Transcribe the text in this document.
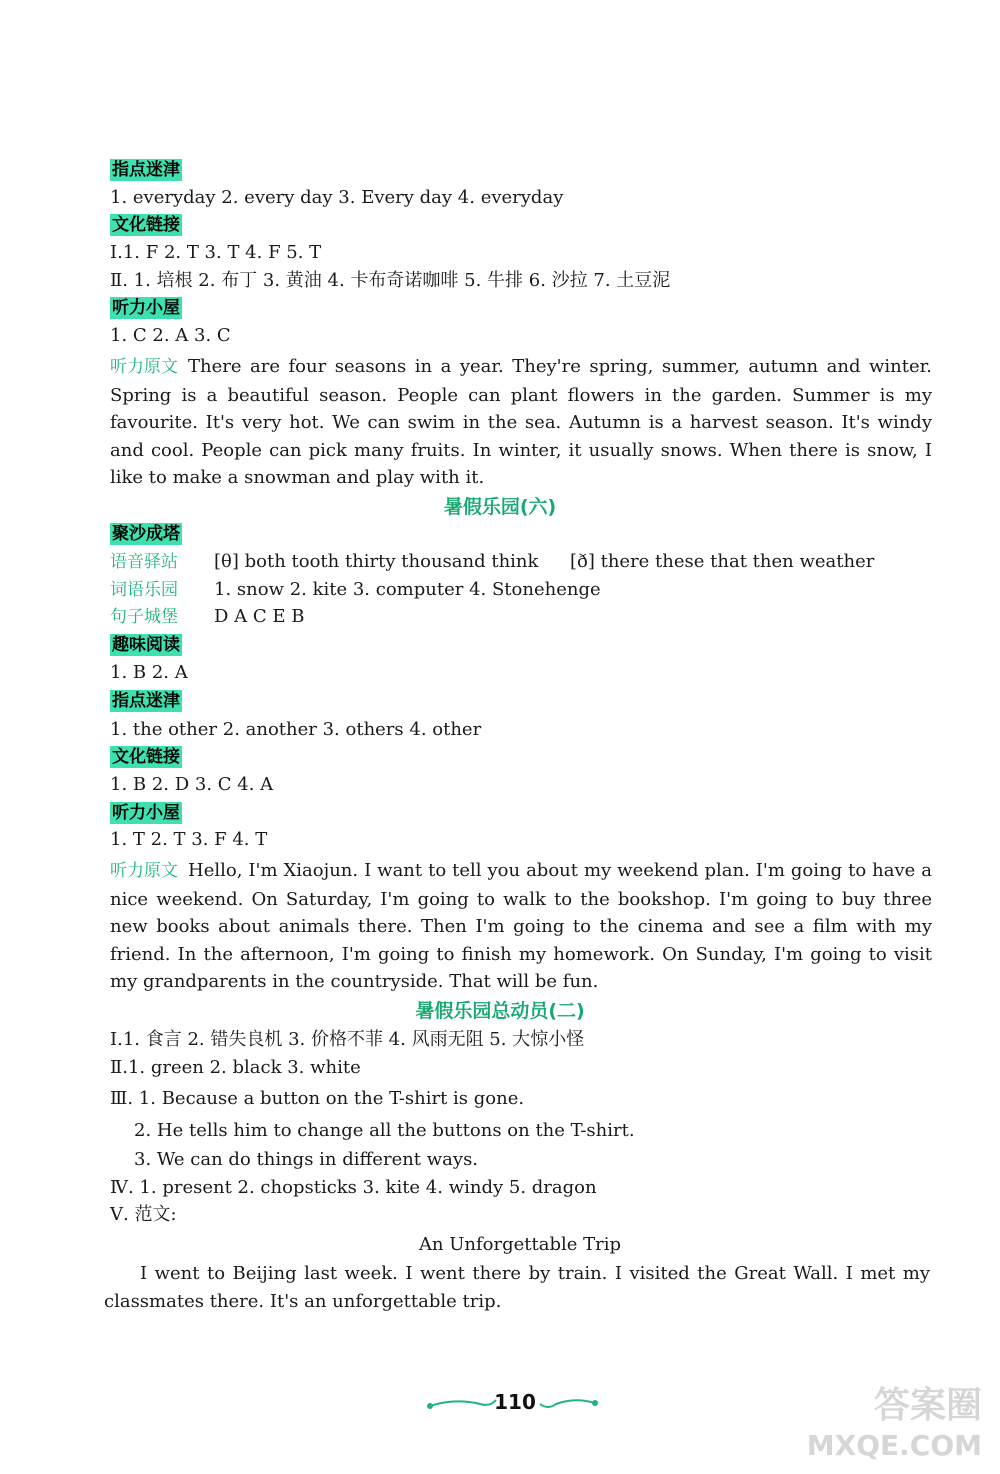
指点迷津
1. everyday 2. every day 3. Every day 4. everyday
文化链接
Ⅰ.1. F 2. T 3. T 4. F 5. T
Ⅱ. 1. 培根 2. 布丁 3. 黄油 4. 卡布奇诺咖啡 5. 牛排 6. 沙拉 7. 土豆泥
听力小屋
1. C 2. A 3. C
听力原文 There are four seasons in a year. They're spring, summer, autumn and winter. Spring is a beautiful season. People can plant flowers in the garden. Summer is my favourite. It's very hot. We can swim in the sea. Autumn is a harvest season. It's windy and cool. People can pick many fruits. In winter, it usually snows. When there is snow, I like to make a snowman and play with it.
暑假乐园(六)
聚沙成塔
语音驿站 [θ] both tooth thirty thousand think [ð] there these that then weather
词语乐园 1. snow 2. kite 3. computer 4. Stonehenge
句子城堡 D A C E B
趣味阅读
1. B 2. A
指点迷津
1. the other 2. another 3. others 4. other
文化链接
1. B 2. D 3. C 4. A
听力小屋
1. T 2. T 3. F 4. T
听力原文 Hello, I'm Xiaojun. I want to tell you about my weekend plan. I'm going to have a nice weekend. On Saturday, I'm going to walk to the bookshop. I'm going to buy three new books about animals there. Then I'm going to the cinema and see a film with my friend. In the afternoon, I'm going to finish my homework. On Sunday, I'm going to visit my grandparents in the countryside. That will be fun.
暑假乐园总动员(二)
Ⅰ.1. 食言 2. 错失良机 3. 价格不菲 4. 风雨无阻 5. 大惊小怪
Ⅱ.1. green 2. black 3. white
Ⅲ. 1. Because a button on the T-shirt is gone.
2. He tells him to change all the buttons on the T-shirt.
3. We can do things in different ways.
Ⅳ. 1. present 2. chopsticks 3. kite 4. windy 5. dragon
Ⅴ. 范文:
An Unforgettable Trip
I went to Beijing last week. I went there by train. I visited the Great Wall. I met my classmates there. It's an unforgettable trip.
110	答案圈
MXQE.COM
